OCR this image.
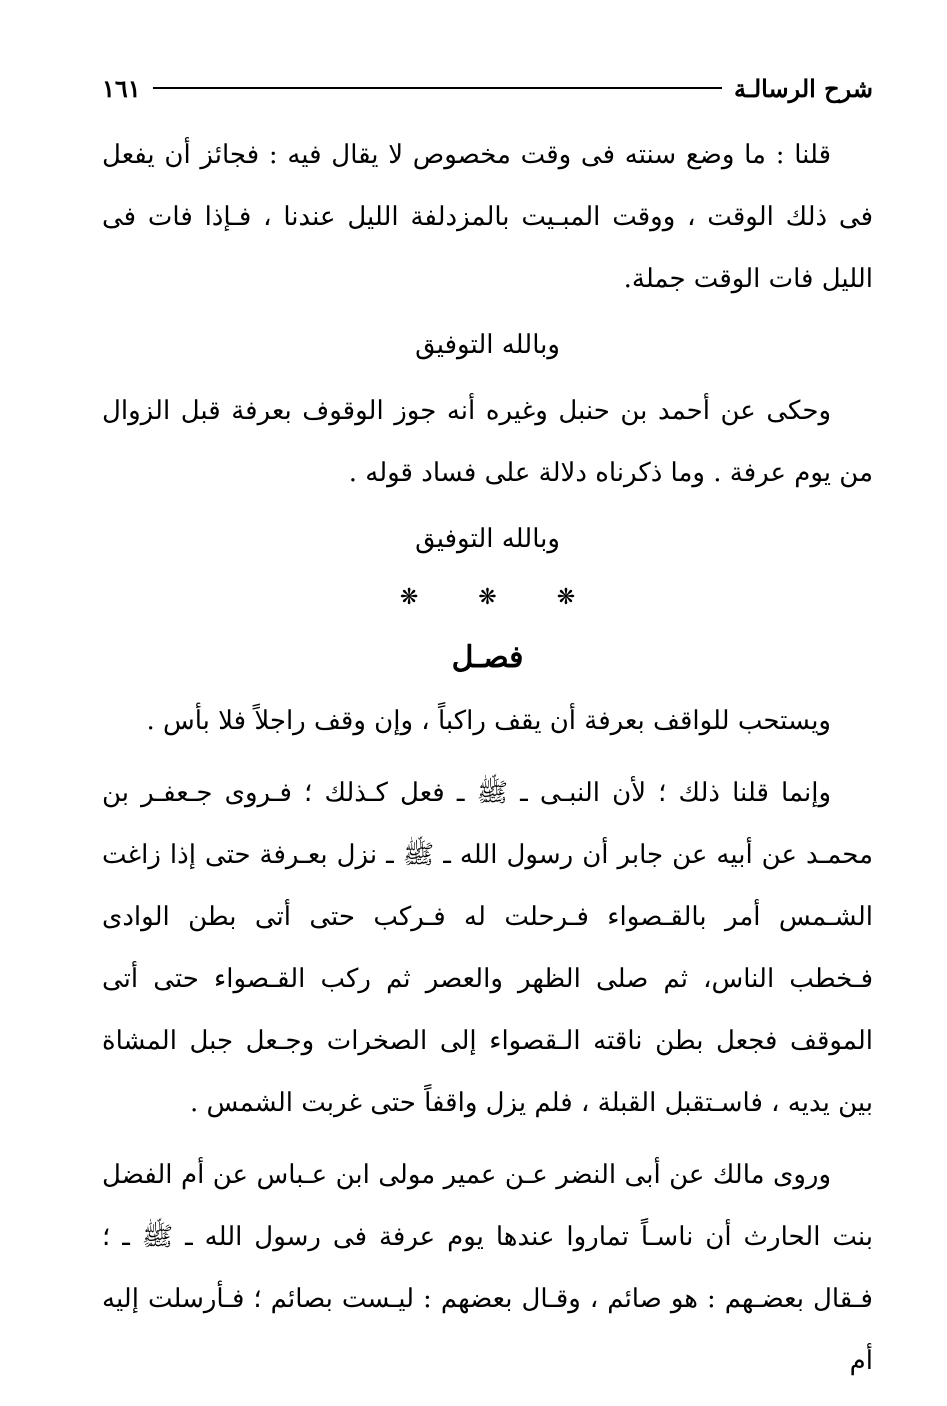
شرح الرسالـة
١٦١

قلنا : ما وضع سنته فى وقت مخصوص لا يقال فيه : فجائز أن يفعل فى ذلك الوقت ، ووقت المبـيت بالمزدلفة الليل عندنا ، فـإذا فات فى الليل فات الوقت جملة.

وبالله التوفيق

وحكى عن أحمد بن حنبل وغيره أنه جوز الوقوف بعرفة قبل الزوال من يوم عرفة . وما ذكرناه دلالة على فساد قوله .

وبالله التوفيق

❋	❋	❋

فصـل

ويستحب للواقف بعرفة أن يقف راكباً ، وإن وقف راجلاً فلا بأس .

وإنما قلنا ذلك ؛ لأن النبـى ـ ﷺ ـ فعل كـذلك ؛ فـروى جـعفـر بن محمـد عن أبيه عن جابر أن رسول الله ـ ﷺ ـ نزل بعـرفة حتى إذا زاغت الشـمس أمر بالقـصواء فـرحلت له فـركب حتى أتى بطن الوادى فـخطب الناس، ثم صلى الظهر والعصر ثم ركب القـصواء حتى أتى الموقف فجعل بطن ناقته الـقصواء إلى الصخرات وجـعل جبل المشاة بين يديه ، فاسـتقبل القبلة ، فلم يزل واقفاً حتى غربت الشمس .

وروى مالك عن أبى النضر عـن عمير مولى ابن عـباس عن أم الفضل بنت الحارث أن ناسـاً تماروا عندها يوم عرفة فى رسول الله ـ ﷺ ـ ؛ فـقال بعضـهم : هو صائم ، وقـال بعضهم : ليـست بصائم ؛ فـأرسلت إليه أم
